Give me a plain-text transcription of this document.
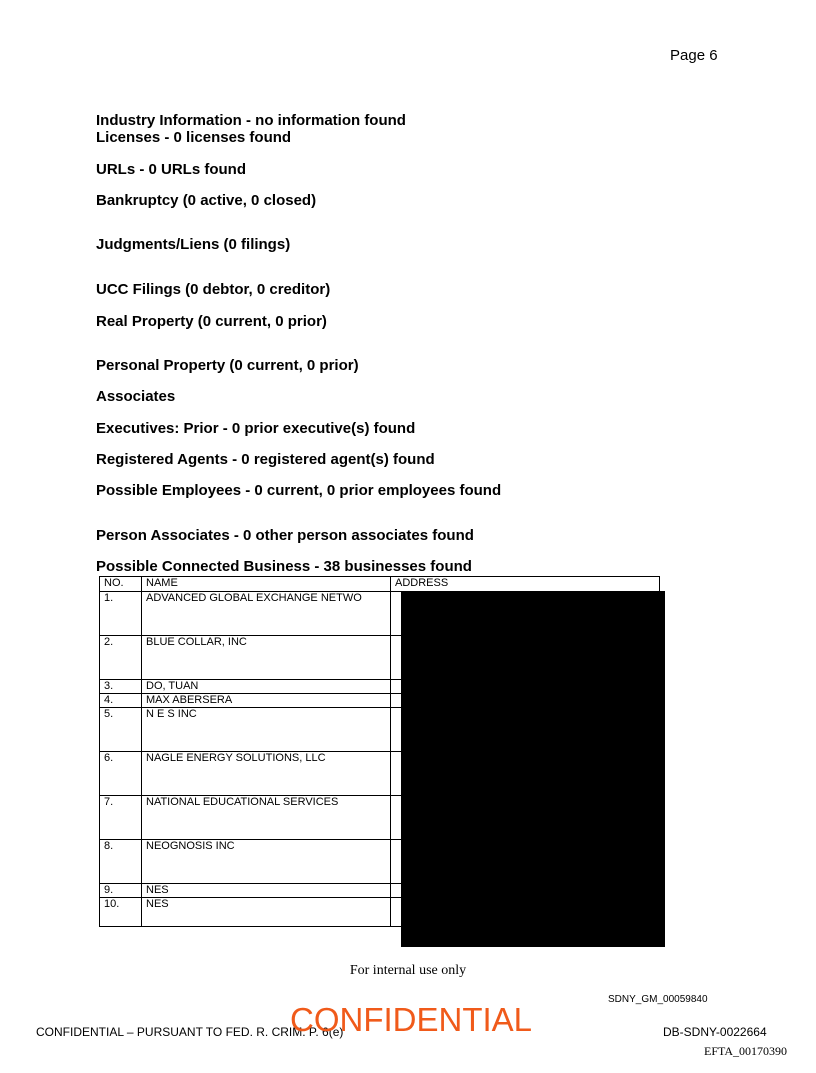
Page 6
Industry Information - no information found
Licenses - 0 licenses found
URLs - 0 URLs found
Bankruptcy (0 active, 0 closed)
Judgments/Liens (0 filings)
UCC Filings (0 debtor, 0 creditor)
Real Property (0 current, 0 prior)
Personal Property (0 current, 0 prior)
Associates
Executives: Prior - 0 prior executive(s) found
Registered Agents - 0 registered agent(s) found
Possible Employees - 0 current, 0 prior employees found
Person Associates - 0 other person associates found
Possible Connected Business - 38 businesses found
NO.	NAME	ADDRESS
1.	ADVANCED GLOBAL EXCHANGE NETWO	
2.	BLUE COLLAR, INC	
3.	DO, TUAN	
4.	MAX ABERSERA	
5.	N E S INC	
6.	NAGLE ENERGY SOLUTIONS, LLC	
7.	NATIONAL EDUCATIONAL SERVICES	
8.	NEOGNOSIS INC	
9.	NES	
10.	NES	
For internal use only
SDNY_GM_00059840
CONFIDENTIAL – PURSUANT TO FED. R. CRIM. P. 6(e)
CONFIDENTIAL	DB-SDNY-0022664
EFTA_00170390
